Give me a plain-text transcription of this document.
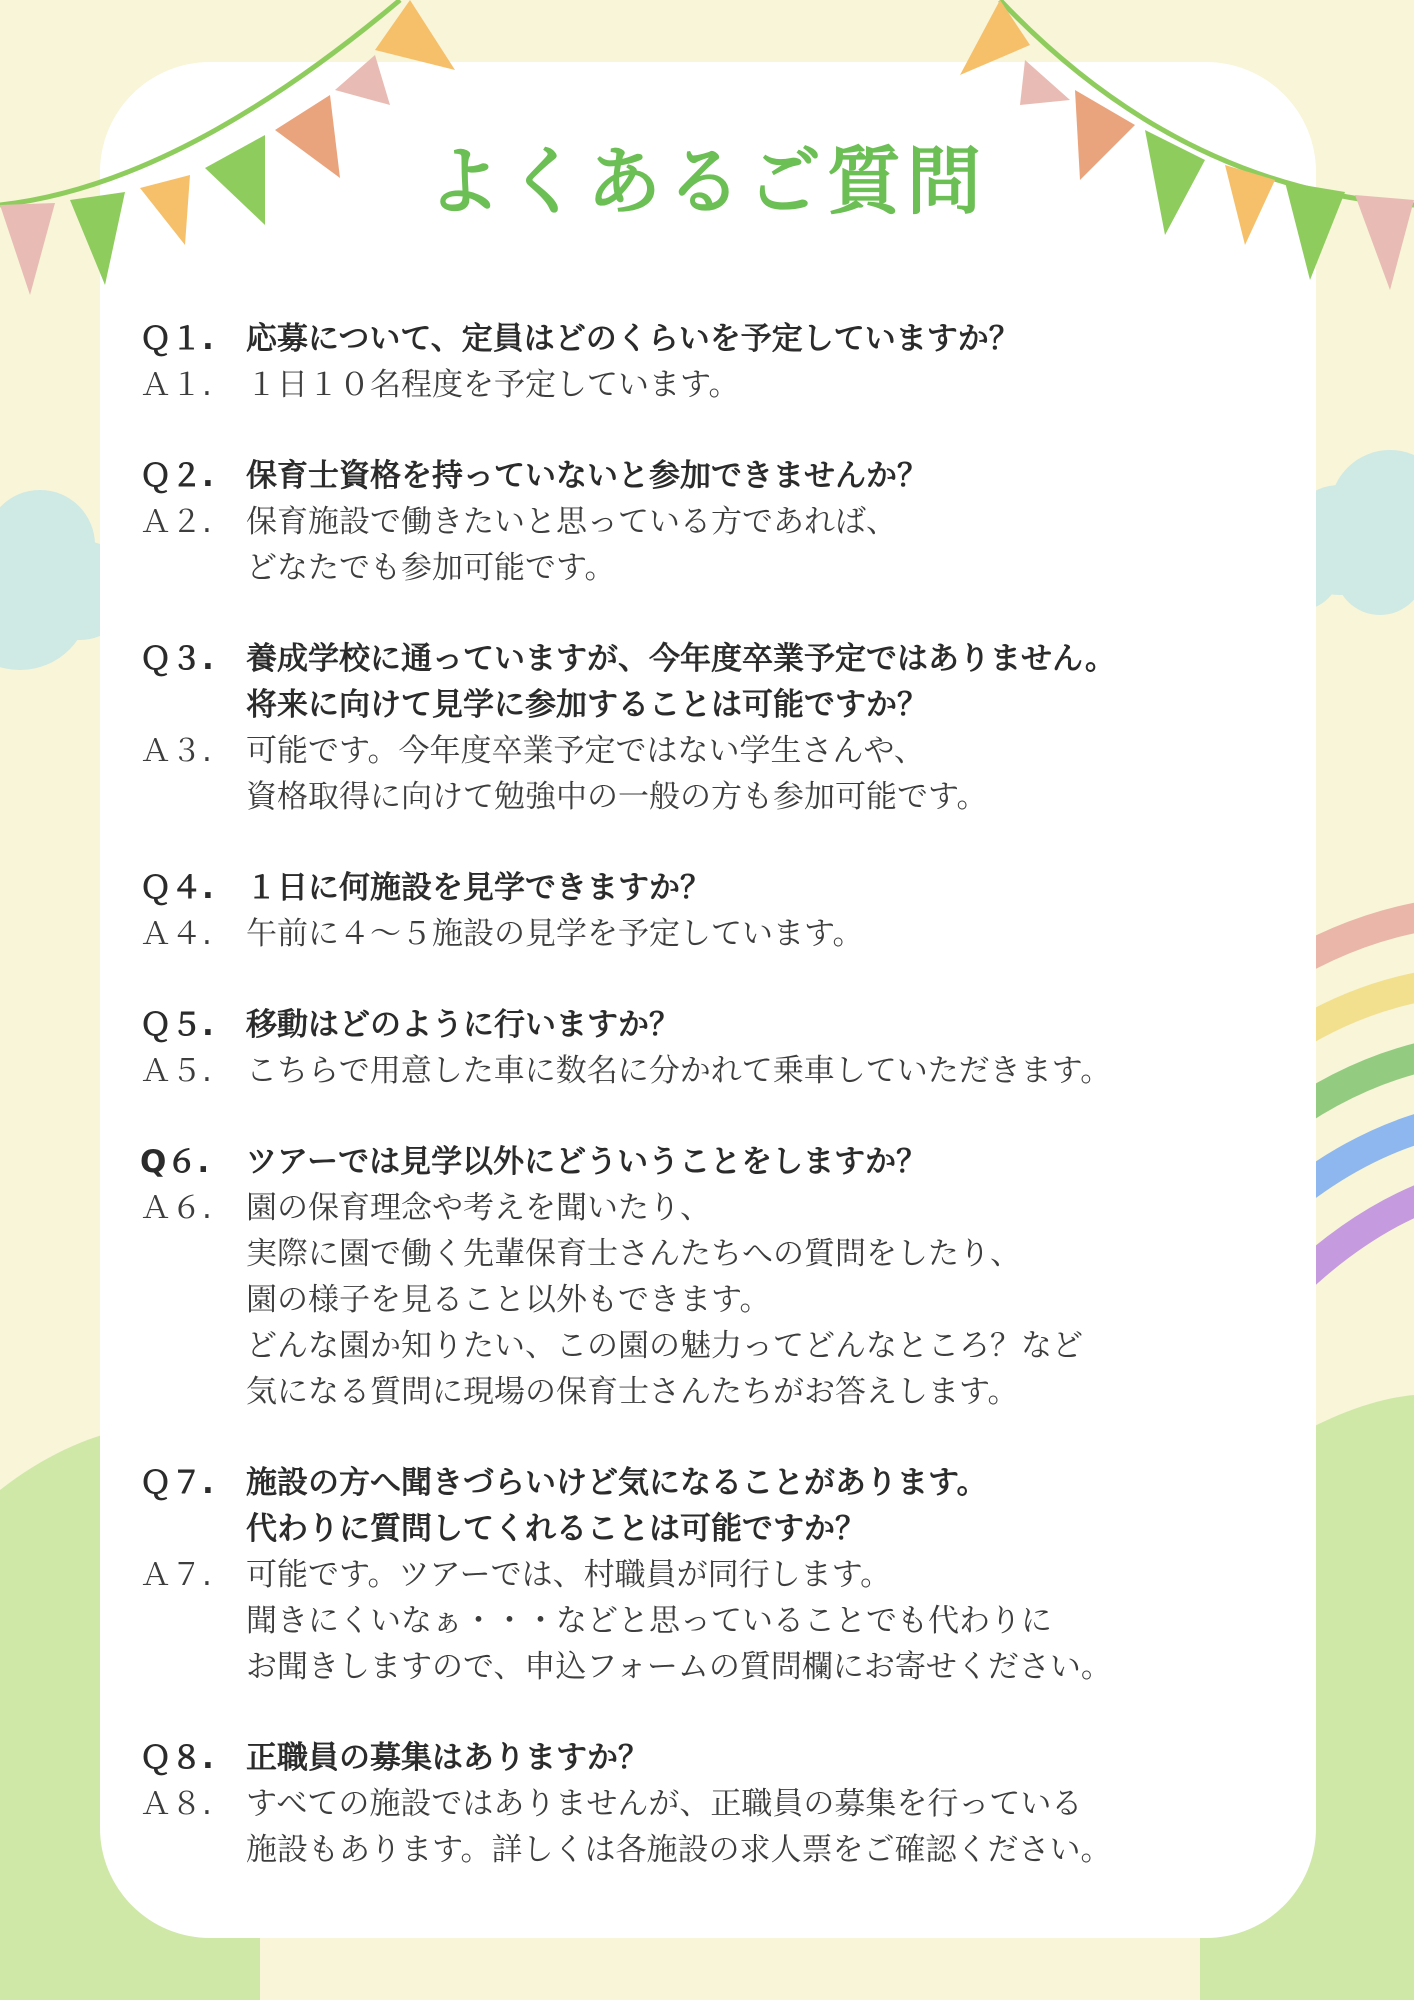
よくあるご質問
Ｑ１.	応募について、定員はどのくらいを予定していますか？
Ａ１.	１日１０名程度を予定しています。
Ｑ２.	保育士資格を持っていないと参加できませんか？
Ａ２.	保育施設で働きたいと思っている方であれば、
どなたでも参加可能です。
Ｑ３.	養成学校に通っていますが、今年度卒業予定ではありません。
将来に向けて見学に参加することは可能ですか？
Ａ３.	可能です。今年度卒業予定ではない学生さんや、
資格取得に向けて勉強中の一般の方も参加可能です。
Ｑ４.	１日に何施設を見学できますか？
Ａ４.	午前に４〜５施設の見学を予定しています。
Ｑ５.	移動はどのように行いますか？
Ａ５.	こちらで用意した車に数名に分かれて乗車していただきます。
Q６.	ツアーでは見学以外にどういうことをしますか？
Ａ６.	園の保育理念や考えを聞いたり、
実際に園で働く先輩保育士さんたちへの質問をしたり、
園の様子を見ること以外もできます。
どんな園か知りたい、この園の魅力ってどんなところ？など
気になる質問に現場の保育士さんたちがお答えします。
Ｑ７.	施設の方へ聞きづらいけど気になることがあります。
代わりに質問してくれることは可能ですか？
Ａ７.	可能です。ツアーでは、村職員が同行します。
聞きにくいなぁ・・・などと思っていることでも代わりに
お聞きしますので、申込フォームの質問欄にお寄せください。
Ｑ８.	正職員の募集はありますか？
Ａ８.	すべての施設ではありませんが、正職員の募集を行っている
施設もあります。詳しくは各施設の求人票をご確認ください。
